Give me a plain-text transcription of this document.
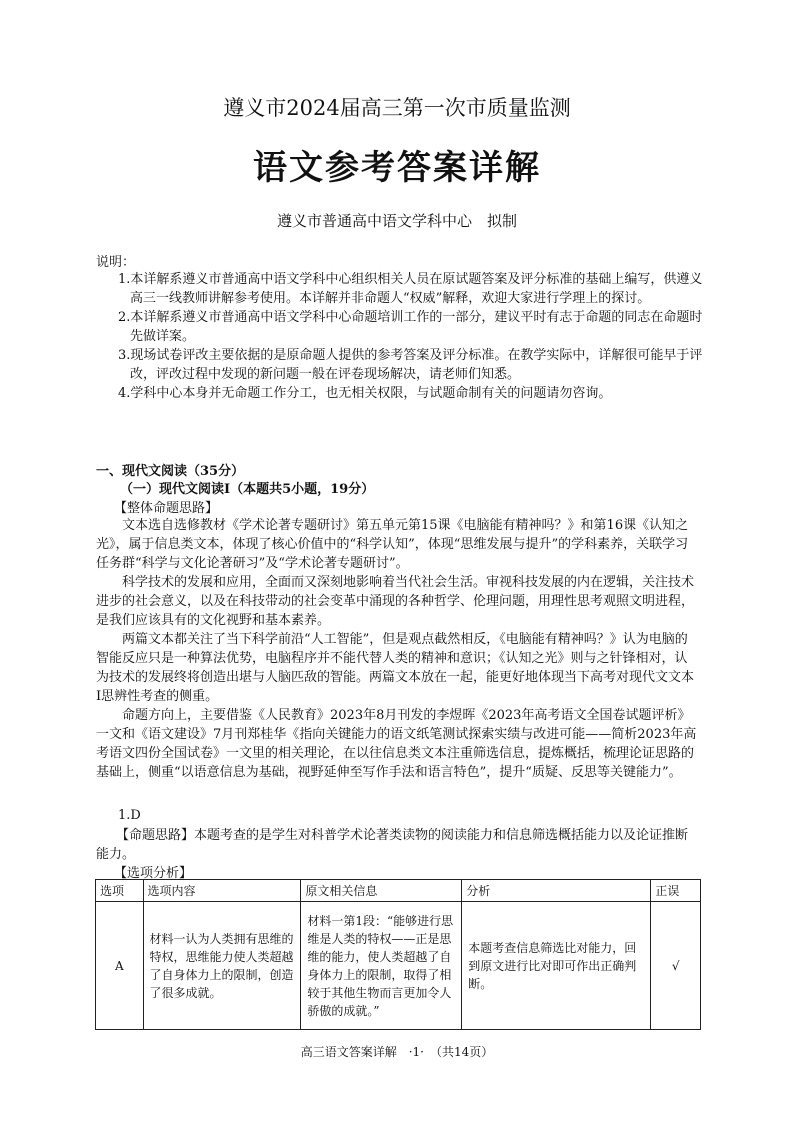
遵义市2024届高三第一次市质量监测
语文参考答案详解
遵义市普通高中语文学科中心　拟制
说明：
1.本详解系遵义市普通高中语文学科中心组织相关人员在原试题答案及评分标准的基础上编写，供遵义高三一线教师讲解参考使用。本详解并非命题人“权威”解释，欢迎大家进行学理上的探讨。
2.本详解系遵义市普通高中语文学科中心命题培训工作的一部分，建议平时有志于命题的同志在命题时先做详案。
3.现场试卷评改主要依据的是原命题人提供的参考答案及评分标准。在教学实际中，详解很可能早于评改，评改过程中发现的新问题一般在评卷现场解决，请老师们知悉。
4.学科中心本身并无命题工作分工，也无相关权限，与试题命制有关的问题请勿咨询。
一、现代文阅读（35分）
（一）现代文阅读Ⅰ（本题共5小题，19分）
【整体命题思路】
文本选自选修教材《学术论著专题研讨》第五单元第15课《电脑能有精神吗？》和第16课《认知之光》，属于信息类文本，体现了核心价值中的“科学认知”，体现“思维发展与提升”的学科素养，关联学习任务群“科学与文化论著研习”及“学术论著专题研讨”。
科学技术的发展和应用，全面而又深刻地影响着当代社会生活。审视科技发展的内在逻辑，关注技术进步的社会意义，以及在科技带动的社会变革中涌现的各种哲学、伦理问题，用理性思考观照文明进程，是我们应该具有的文化视野和基本素养。
两篇文本都关注了当下科学前沿“人工智能”，但是观点截然相反，《电脑能有精神吗？》认为电脑的智能反应只是一种算法优势，电脑程序并不能代替人类的精神和意识；《认知之光》则与之针锋相对，认为技术的发展终将创造出堪与人脑匹敌的智能。两篇文本放在一起，能更好地体现当下高考对现代文文本Ⅰ思辨性考查的侧重。
命题方向上，主要借鉴《人民教育》2023年8月刊发的李煜晖《2023年高考语文全国卷试题评析》一文和《语文建设》7月刊郑桂华《指向关键能力的语文纸笔测试探索实绩与改进可能——简析2023年高考语文四份全国试卷》一文里的相关理论，在以往信息类文本注重筛选信息，提炼概括，梳理论证思路的基础上，侧重“以语意信息为基础，视野延伸至写作手法和语言特色”，提升“质疑、反思等关键能力”。
1.D
【命题思路】本题考查的是学生对科普学术论著类读物的阅读能力和信息筛选概括能力以及论证推断能力。
【选项分析】
选项	选项内容	原文相关信息	分析	正误
A	材料一认为人类拥有思维的特权，思维能力使人类超越了自身体力上的限制，创造了很多成就。	材料一第1段：“能够进行思维是人类的特权——正是思维的能力，使人类超越了自身体力上的限制，取得了相较于其他生物而言更加令人骄傲的成就。”	本题考查信息筛选比对能力，回到原文进行比对即可作出正确判断。	√
高三语文答案详解　·1·　（共14页）
